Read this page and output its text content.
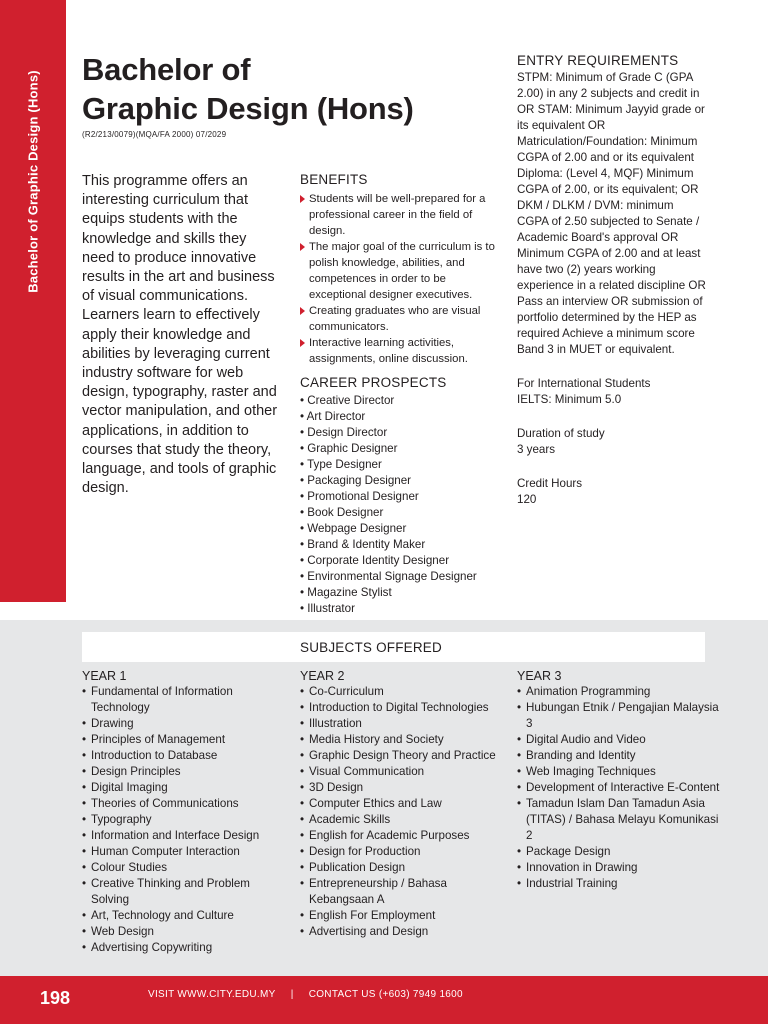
Bachelor of Graphic Design (Hons)
Bachelor of
Graphic Design (Hons)
(R2/213/0079)(MQA/FA 2000) 07/2029
This programme offers an interesting curriculum that equips students with the knowledge and skills they need to produce innovative results in the art and business of visual communications. Learners learn to effectively apply their knowledge and abilities by leveraging current industry software for web design, typography, raster and vector manipulation, and other applications, in addition to courses that study the theory, language, and tools of graphic design.
BENEFITS
Students will be well-prepared for a professional career in the field of design.
The major goal of the curriculum is to polish knowledge, abilities, and competences in order to be exceptional designer executives.
Creating graduates who are visual communicators.
Interactive learning activities, assignments, online discussion.
CAREER PROSPECTS
• Creative Director
• Art Director
• Design Director
• Graphic Designer
• Type Designer
• Packaging Designer
• Promotional Designer
• Book Designer
• Webpage Designer
• Brand & Identity Maker
• Corporate Identity Designer
• Environmental Signage Designer
• Magazine Stylist
• Illustrator
ENTRY REQUIREMENTS
STPM: Minimum of Grade C (GPA 2.00) in any 2 subjects and credit in OR STAM: Minimum Jayyid grade or its equivalent OR Matriculation/Foundation: Minimum CGPA of 2.00 and or its equivalent Diploma: (Level 4, MQF) Minimum CGPA of 2.00, or its equivalent; OR DKM / DLKM / DVM: minimum CGPA of 2.50 subjected to Senate / Academic Board's approval OR Minimum CGPA of 2.00 and at least have two (2) years working experience in a related discipline OR Pass an interview OR submission of portfolio determined by the HEP as required Achieve a minimum score Band 3 in MUET or equivalent.
For International Students
IELTS: Minimum 5.0
Duration of study
3 years
Credit Hours
120
SUBJECTS OFFERED
YEAR 1
• Fundamental of Information Technology
• Drawing
• Principles of Management
• Introduction to Database
• Design Principles
• Digital Imaging
• Theories of Communications
• Typography
• Information and Interface Design
• Human Computer Interaction
• Colour Studies
• Creative Thinking and Problem Solving
• Art, Technology and Culture
• Web Design
• Advertising Copywriting
YEAR 2
• Co-Curriculum
• Introduction to Digital Technologies
• Illustration
• Media History and Society
• Graphic Design Theory and Practice
• Visual Communication
• 3D Design
• Computer Ethics and Law
• Academic Skills
• English for Academic Purposes
• Design for Production
• Publication Design
• Entrepreneurship / Bahasa Kebangsaan A
• English For Employment
• Advertising and Design
YEAR 3
• Animation Programming
• Hubungan Etnik / Pengajian Malaysia 3
• Digital Audio and Video
• Branding and Identity
• Web Imaging Techniques
• Development of Interactive E-Content
• Tamadun Islam Dan Tamadun Asia (TITAS) / Bahasa Melayu Komunikasi 2
• Package Design
• Innovation in Drawing
• Industrial Training
198	VISIT WWW.CITY.EDU.MY | CONTACT US (+603) 7949 1600
